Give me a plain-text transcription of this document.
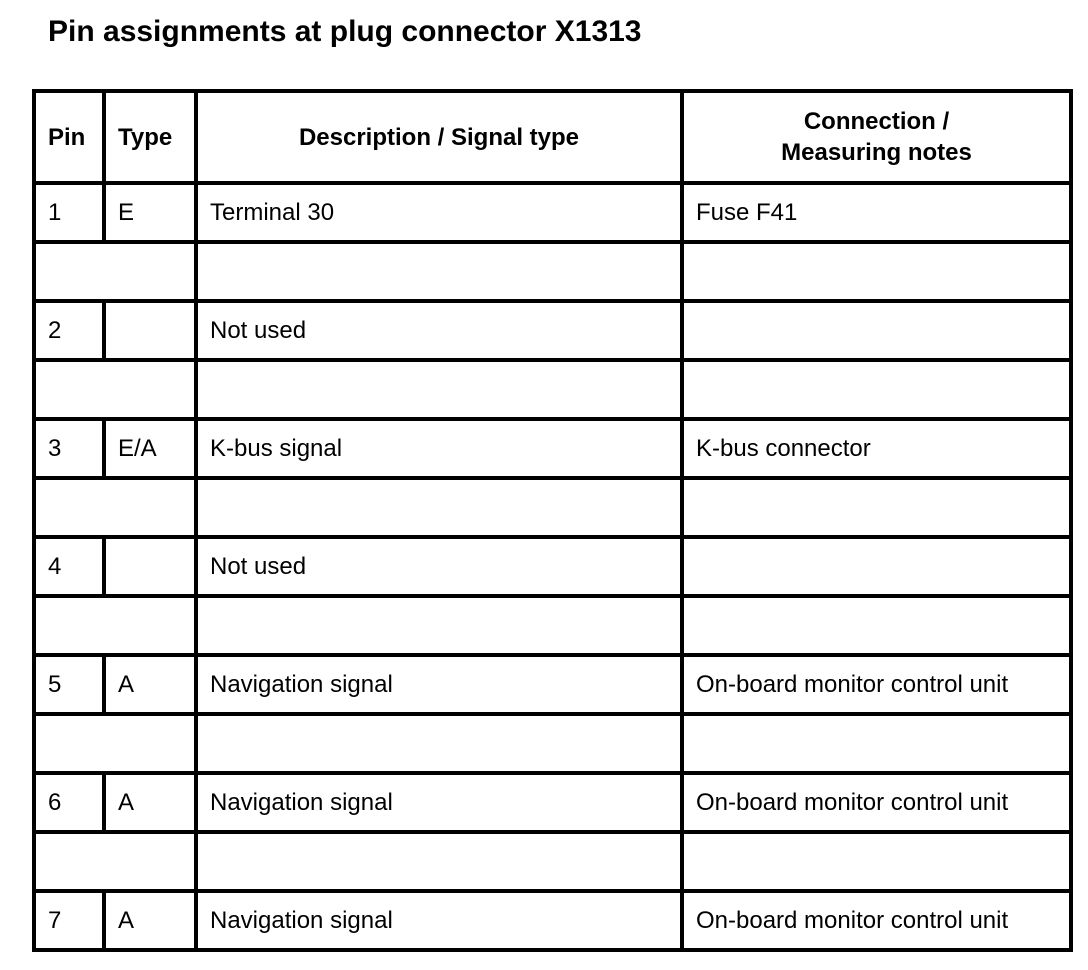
Pin assignments at plug connector X1313
Pin	Type	Description / Signal type	Connection /
Measuring notes
1	E	Terminal 30	Fuse F41

2		Not used	

3	E/A	K-bus signal	K-bus connector

4		Not used	

5	A	Navigation signal	On-board monitor control unit

6	A	Navigation signal	On-board monitor control unit

7	A	Navigation signal	On-board monitor control unit
